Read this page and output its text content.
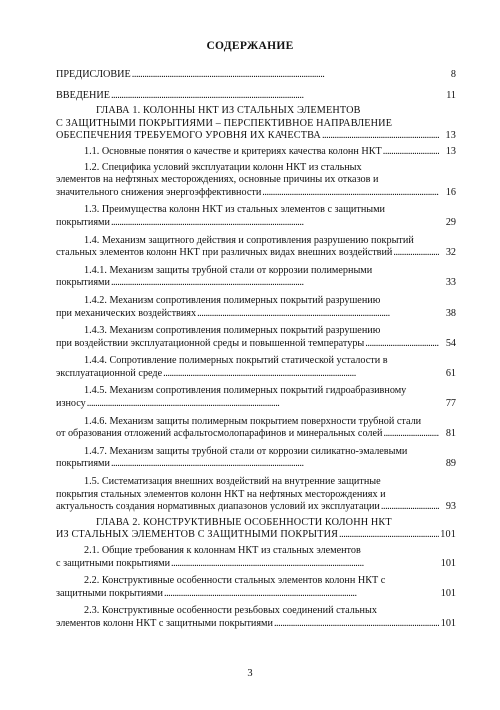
СОДЕРЖАНИЕ
ПРЕДИСЛОВИЕ . . .	8
ВВЕДЕНИЕ . . .	11
ГЛАВА 1. КОЛОННЫ НКТ ИЗ СТАЛЬНЫХ ЭЛЕМЕНТОВ
С ЗАЩИТНЫМИ ПОКРЫТИЯМИ – ПЕРСПЕКТИВНОЕ НАПРАВЛЕНИЕ
ОБЕСПЕЧЕНИЯ ТРЕБУЕМОГО УРОВНЯ ИХ КАЧЕСТВА . . .	13
1.1. Основные понятия о качестве и критериях качества колонн НКТ . . .	13
1.2. Специфика условий эксплуатации колонн НКТ из стальных
элементов на нефтяных месторождениях, основные причины их отказов и
значительного снижения энергоэффективности . . .	16
1.3. Преимущества колонн НКТ из стальных элементов с защитными
покрытиями . . .	29
1.4. Механизм защитного действия и сопротивления разрушению покрытий
стальных элементов колонн НКТ при различных видах внешних воздействий . . .	32
1.4.1. Механизм защиты трубной стали от коррозии полимерными
покрытиями . . .	33
1.4.2. Механизм сопротивления полимерных покрытий разрушению
при механических воздействиях . . .	38
1.4.3. Механизм сопротивления полимерных покрытий разрушению
при воздействии эксплуатационной среды и повышенной температуры . . .	54
1.4.4. Сопротивление полимерных покрытий статической усталости в
эксплуатационной среде . . .	61
1.4.5. Механизм сопротивления полимерных покрытий гидроабразивному
износу . . .	77
1.4.6. Механизм защиты полимерным покрытием поверхности трубной стали
от образования отложений асфальтосмолопарафинов и минеральных солей . . .	81
1.4.7. Механизм защиты трубной стали от коррозии силикатно-эмалевыми
покрытиями . . .	89
1.5. Систематизация внешних воздействий на внутренние защитные
покрытия стальных элементов колонн НКТ на нефтяных месторождениях и
актуальность создания нормативных диапазонов условий их эксплуатации . . .	93
ГЛАВА 2. КОНСТРУКТИВНЫЕ ОСОБЕННОСТИ КОЛОНН НКТ
ИЗ СТАЛЬНЫХ ЭЛЕМЕНТОВ С ЗАЩИТНЫМИ ПОКРЫТИЯ . . .	101
2.1. Общие требования к колоннам НКТ из стальных элементов
с защитными покрытиями . . .	101
2.2. Конструктивные особенности стальных элементов колонн НКТ с
защитными покрытиями . . .	101
2.3. Конструктивные особенности резьбовых соединений стальных
элементов колонн НКТ с защитными покрытиями . . .	101
3
